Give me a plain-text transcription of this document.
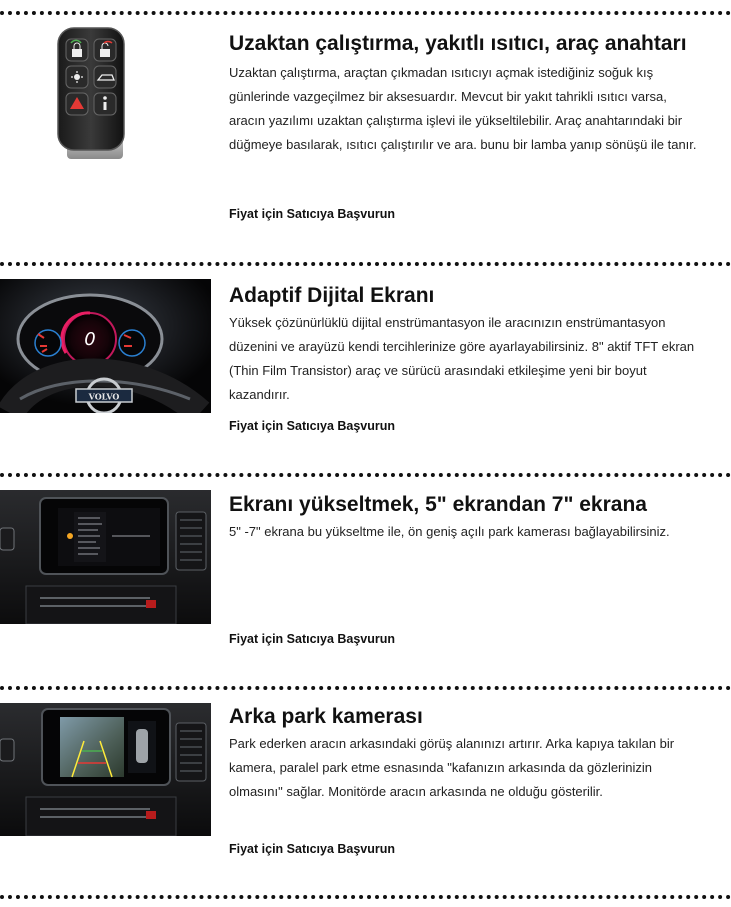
Uzaktan çalıştırma, yakıtlı ısıtıcı, araç anahtarı
Uzaktan çalıştırma, araçtan çıkmadan ısıtıcıyı açmak istediğiniz soğuk kış günlerinde vazgeçilmez bir aksesuardır. Mevcut bir yakıt tahrikli ısıtıcı varsa, aracın yazılımı uzaktan çalıştırma işlevi ile yükseltilebilir. Araç anahtarındaki bir düğmeye basılarak, ısıtıcı çalıştırılır ve ara. bunu bir lamba yanıp sönüşü ile tanır.
Fiyat için Satıcıya Başvurun
0
VOLVO
Adaptif Dijital Ekranı
Yüksek çözünürlüklü dijital enstrümantasyon ile aracınızın enstrümantasyon düzenini ve arayüzü kendi tercihlerinize göre ayarlayabilirsiniz. 8" aktif TFT ekran (Thin Film Transistor) araç ve sürücü arasındaki etkileşime yeni bir boyut kazandırır.
Fiyat için Satıcıya Başvurun
Ekranı yükseltmek, 5" ekrandan 7" ekrana
5" -7" ekrana bu yükseltme ile, ön geniş açılı park kamerası bağlayabilirsiniz.
Fiyat için Satıcıya Başvurun
Arka park kamerası
Park ederken aracın arkasındaki görüş alanınızı artırır. Arka kapıya takılan bir kamera, paralel park etme esnasında "kafanızın arkasında da gözlerinizin olmasını" sağlar. Monitörde aracın arkasında ne olduğu gösterilir.
Fiyat için Satıcıya Başvurun
